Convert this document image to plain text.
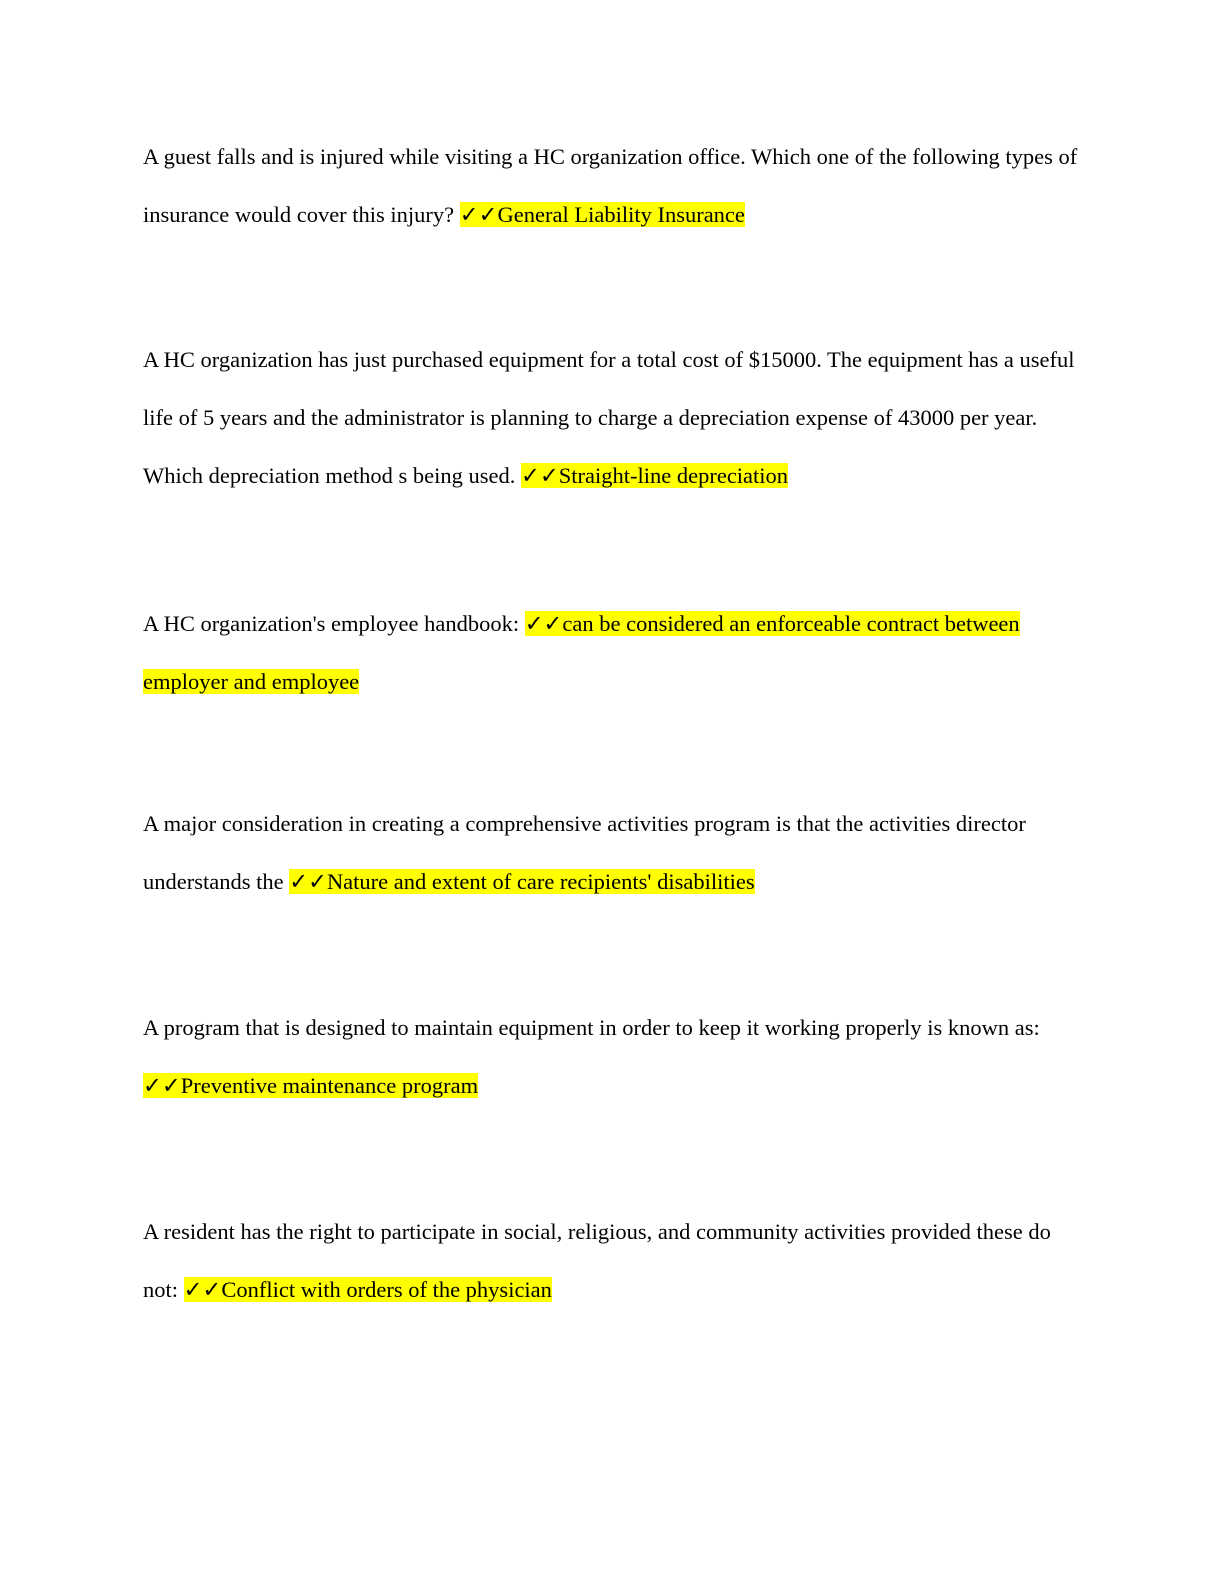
A guest falls and is injured while visiting a HC organization office. Which one of the following types of insurance would cover this injury? ✓✓General Liability Insurance

A HC organization has just purchased equipment for a total cost of $15000. The equipment has a useful life of 5 years and the administrator is planning to charge a depreciation expense of 43000 per year. Which depreciation method s being used. ✓✓Straight-line depreciation

A HC organization's employee handbook: ✓✓can be considered an enforceable contract between employer and employee

A major consideration in creating a comprehensive activities program is that the activities director understands the ✓✓Nature and extent of care recipients' disabilities

A program that is designed to maintain equipment in order to keep it working properly is known as: ✓✓Preventive maintenance program

A resident has the right to participate in social, religious, and community activities provided these do not: ✓✓Conflict with orders of the physician
